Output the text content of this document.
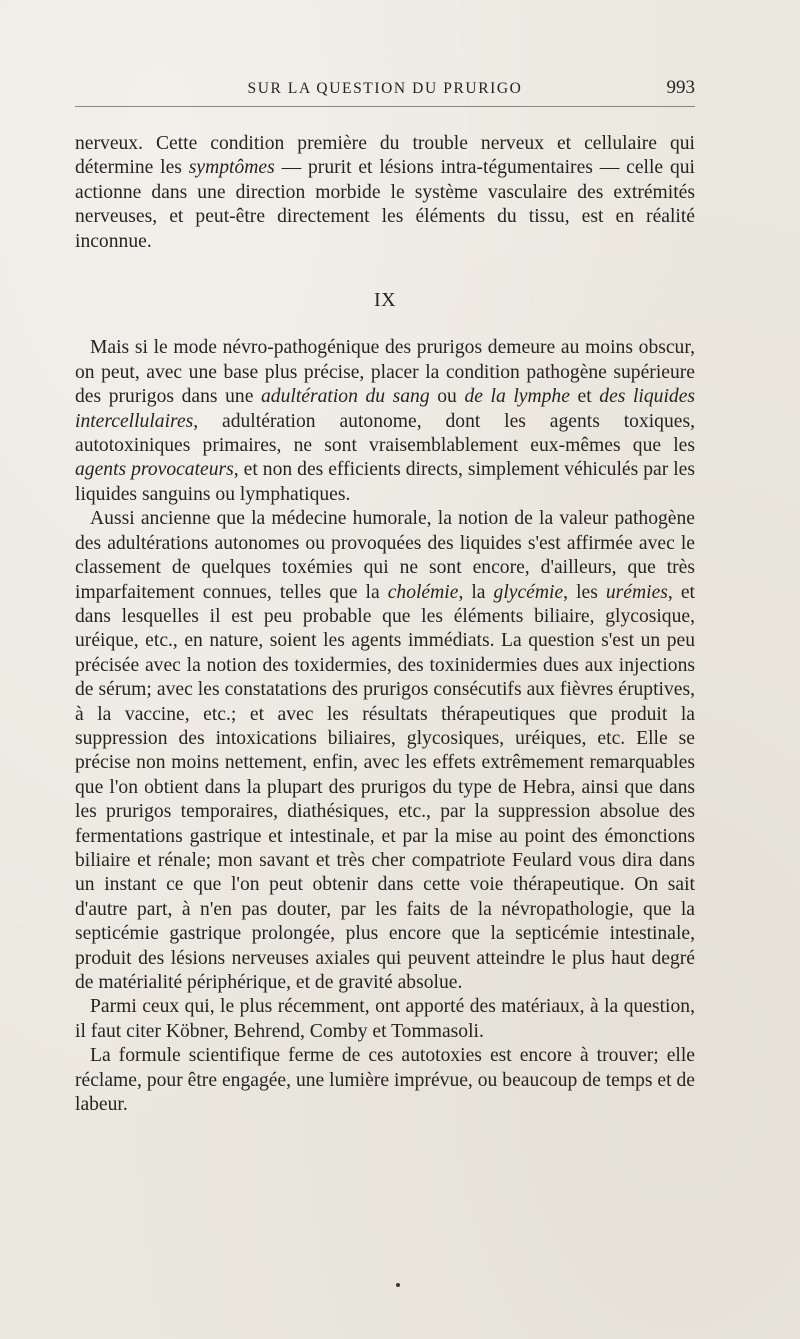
SUR LA QUESTION DU PRURIGO	993

nerveux. Cette condition première du trouble nerveux et cellulaire qui détermine les symptômes — prurit et lésions intra-tégumentaires — celle qui actionne dans une direction morbide le système vasculaire des extrémités nerveuses, et peut-être directement les éléments du tissu, est en réalité inconnue.

IX

Mais si le mode névro-pathogénique des prurigos demeure au moins obscur, on peut, avec une base plus précise, placer la condition pathogène supérieure des prurigos dans une adultération du sang ou de la lymphe et des liquides intercellulaires, adultération autonome, dont les agents toxiques, autotoxiniques primaires, ne sont vraisemblablement eux-mêmes que les agents provocateurs, et non des efficients directs, simplement véhiculés par les liquides sanguins ou lymphatiques.

Aussi ancienne que la médecine humorale, la notion de la valeur pathogène des adultérations autonomes ou provoquées des liquides s'est affirmée avec le classement de quelques toxémies qui ne sont encore, d'ailleurs, que très imparfaitement connues, telles que la cholémie, la glycémie, les urémies, et dans lesquelles il est peu probable que les éléments biliaire, glycosique, uréique, etc., en nature, soient les agents immédiats. La question s'est un peu précisée avec la notion des toxidermies, des toxinidermies dues aux injections de sérum; avec les constatations des prurigos consécutifs aux fièvres éruptives, à la vaccine, etc.; et avec les résultats thérapeutiques que produit la suppression des intoxications biliaires, glycosiques, uréiques, etc. Elle se précise non moins nettement, enfin, avec les effets extrêmement remarquables que l'on obtient dans la plupart des prurigos du type de Hebra, ainsi que dans les prurigos temporaires, diathésiques, etc., par la suppression absolue des fermentations gastrique et intestinale, et par la mise au point des émonctions biliaire et rénale; mon savant et très cher compatriote Feulard vous dira dans un instant ce que l'on peut obtenir dans cette voie thérapeutique. On sait d'autre part, à n'en pas douter, par les faits de la névropathologie, que la septicémie gastrique prolongée, plus encore que la septicémie intestinale, produit des lésions nerveuses axiales qui peuvent atteindre le plus haut degré de matérialité périphérique, et de gravité absolue.

Parmi ceux qui, le plus récemment, ont apporté des matériaux, à la question, il faut citer Köbner, Behrend, Comby et Tommasoli.

La formule scientifique ferme de ces autotoxies est encore à trouver; elle réclame, pour être engagée, une lumière imprévue, ou beaucoup de temps et de labeur.
